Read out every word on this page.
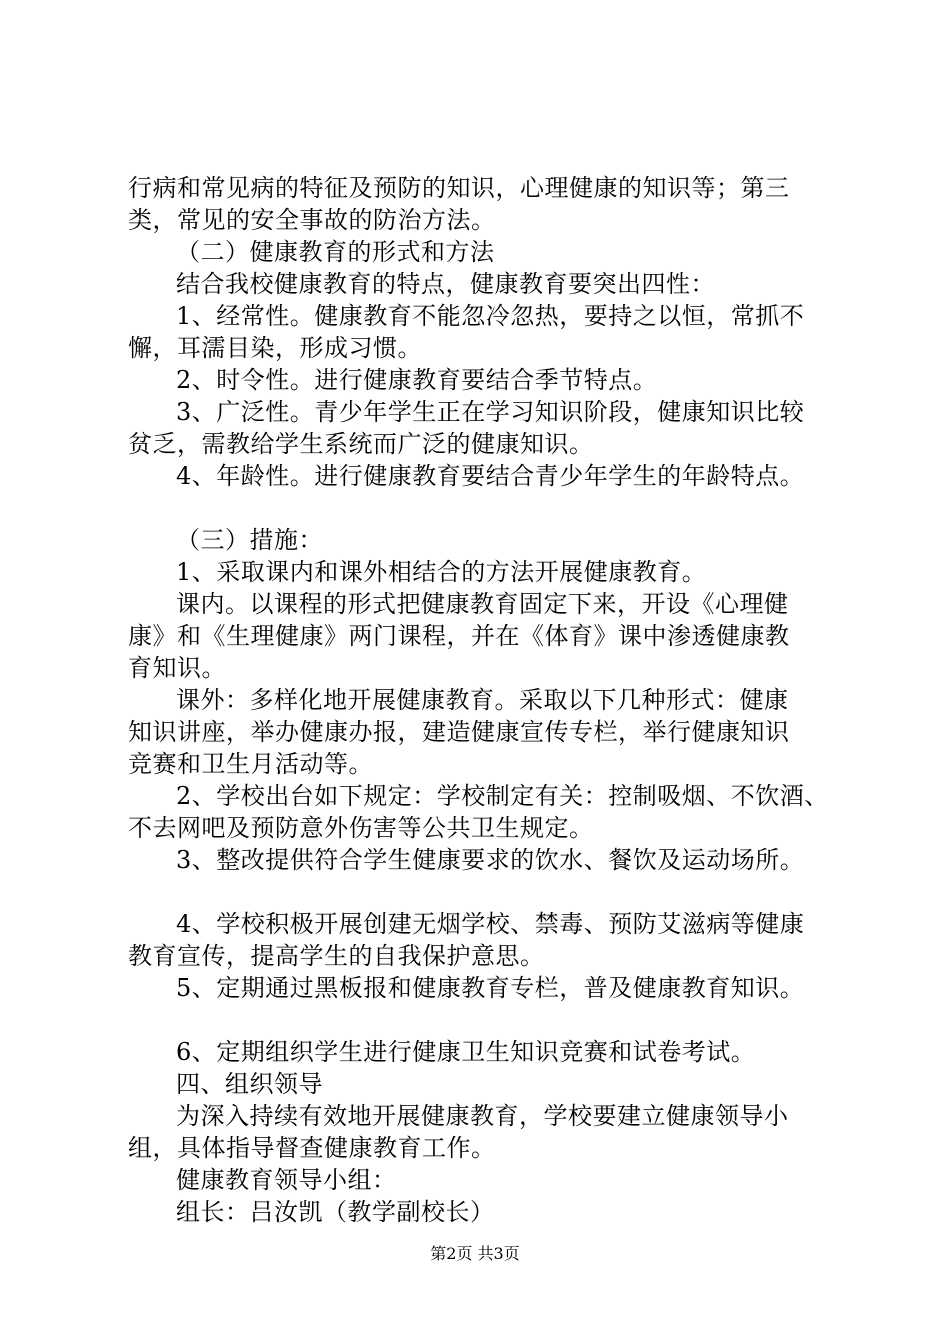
行病和常见病的特征及预防的知识，心理健康的知识等；第三
类，常见的安全事故的防治方法。
（二）健康教育的形式和方法
结合我校健康教育的特点，健康教育要突出四性：
1、经常性。健康教育不能忽冷忽热，要持之以恒，常抓不
懈，耳濡目染，形成习惯。
2、时令性。进行健康教育要结合季节特点。
3、广泛性。青少年学生正在学习知识阶段，健康知识比较
贫乏，需教给学生系统而广泛的健康知识。
4、年龄性。进行健康教育要结合青少年学生的年龄特点。
（三）措施：
1、采取课内和课外相结合的方法开展健康教育。
课内。以课程的形式把健康教育固定下来，开设《心理健
康》和《生理健康》两门课程，并在《体育》课中渗透健康教
育知识。
课外：多样化地开展健康教育。采取以下几种形式：健康
知识讲座，举办健康办报，建造健康宣传专栏，举行健康知识
竞赛和卫生月活动等。
2、学校出台如下规定：学校制定有关：控制吸烟、不饮酒、
不去网吧及预防意外伤害等公共卫生规定。
3、整改提供符合学生健康要求的饮水、餐饮及运动场所。
4、学校积极开展创建无烟学校、禁毒、预防艾滋病等健康
教育宣传，提高学生的自我保护意思。
5、定期通过黑板报和健康教育专栏，普及健康教育知识。
6、定期组织学生进行健康卫生知识竞赛和试卷考试。
四、组织领导
为深入持续有效地开展健康教育，学校要建立健康领导小
组，具体指导督查健康教育工作。
健康教育领导小组：
组长：吕汝凯（教学副校长）
第2页 共3页
